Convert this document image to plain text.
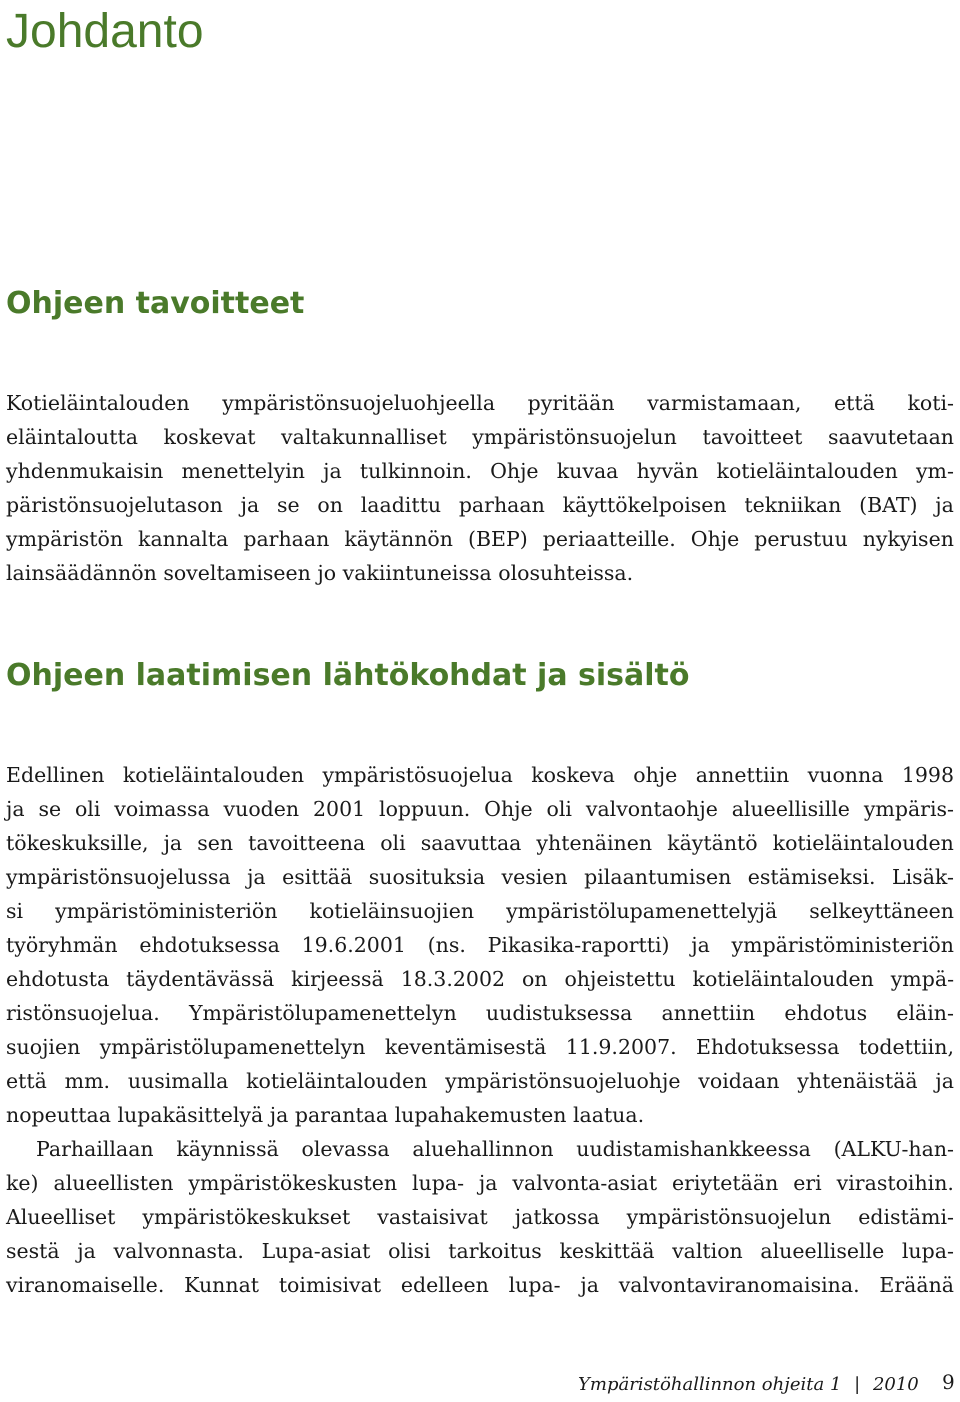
Johdanto
Ohjeen tavoitteet
Kotieläintalouden ympäristönsuojeluohjeella pyritään varmistamaan, että koti-
eläintaloutta koskevat valtakunnalliset ympäristönsuojelun tavoitteet saavutetaan
yhdenmukaisin menettelyin ja tulkinnoin. Ohje kuvaa hyvän kotieläintalouden ym-
päristönsuojelutason ja se on laadittu parhaan käyttökelpoisen tekniikan (BAT) ja
ympäristön kannalta parhaan käytännön (BEP) periaatteille. Ohje perustuu nykyisen
lainsäädännön soveltamiseen jo vakiintuneissa olosuhteissa.
Ohjeen laatimisen lähtökohdat ja sisältö
Edellinen kotieläintalouden ympäristösuojelua koskeva ohje annettiin vuonna 1998
ja se oli voimassa vuoden 2001 loppuun. Ohje oli valvontaohje alueellisille ympäris-
tökeskuksille, ja sen tavoitteena oli saavuttaa yhtenäinen käytäntö kotieläintalouden
ympäristönsuojelussa ja esittää suosituksia vesien pilaantumisen estämiseksi. Lisäk-
si ympäristöministeriön kotieläinsuojien ympäristölupamenettelyjä selkeyttäneen
työryhmän ehdotuksessa 19.6.2001 (ns. Pikasika-raportti) ja ympäristöministeriön
ehdotusta täydentävässä kirjeessä 18.3.2002 on ohjeistettu kotieläintalouden ympä-
ristönsuojelua. Ympäristölupamenettelyn uudistuksessa annettiin ehdotus eläin-
suojien ympäristölupamenettelyn keventämisestä 11.9.2007. Ehdotuksessa todettiin,
että mm. uusimalla kotieläintalouden ympäristönsuojeluohje voidaan yhtenäistää ja
nopeuttaa lupakäsittelyä ja parantaa lupahakemusten laatua.
Parhaillaan käynnissä olevassa aluehallinnon uudistamishankkeessa (ALKU-han-
ke) alueellisten ympäristökeskusten lupa- ja valvonta-asiat eriytetään eri virastoihin.
Alueelliset ympäristökeskukset vastaisivat jatkossa ympäristönsuojelun edistämi-
sestä ja valvonnasta. Lupa-asiat olisi tarkoitus keskittää valtion alueelliselle lupa-
viranomaiselle. Kunnat toimisivat edelleen lupa- ja valvontaviranomaisina. Eräänä
Ympäristöhallinnon ohjeita 1 | 2010 9
